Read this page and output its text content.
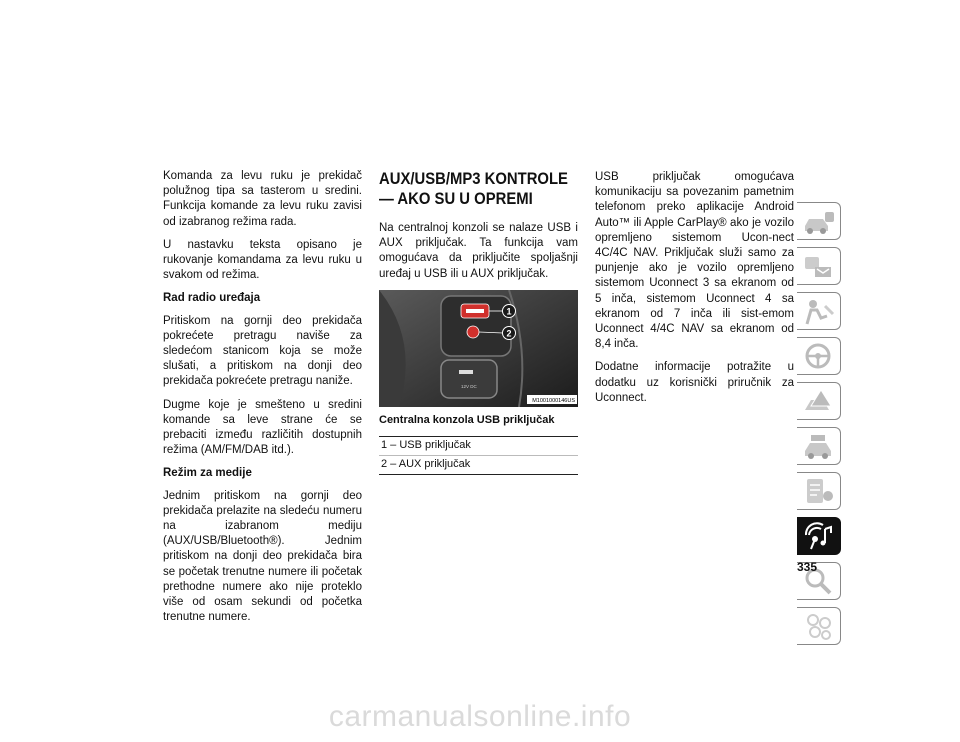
Komanda za levu ruku je prekidač polužnog tipa sa tasterom u sredini. Funkcija komande za levu ruku zavisi od izabranog režima rada.

U nastavku teksta opisano je rukovanje komandama za levu ruku u svakom od režima.

Rad radio uređaja

Pritiskom na gornji deo prekidača pokrećete pretragu naviše za sledećom stanicom koja se može slušati, a pritiskom na donji deo prekidača pokrećete pretragu naniže.

Dugme koje je smešteno u sredini komande sa leve strane će se prebaciti između različitih dostupnih režima (AM/FM/DAB itd.).

Režim za medije

Jednim pritiskom na gornji deo prekidača prelazite na sledeću numeru na izabranom mediju (AUX/USB/Bluetooth®). Jednim pritiskom na donji deo prekidača bira se početak trenutne numere ili početak prethodne numere ako nije proteklo više od osam sekundi od početka trenutne numere.

AUX/USB/MP3 KONTROLE — AKO SU U OPREMI

Na centralnoj konzoli se nalaze USB i AUX priključak. Ta funkcija vam omogućava da priključite spoljašnji uređaj u USB ili u AUX priključak.

12V DC
1
2
M1001000146US

Centralna konzola USB priključak

1 – USB priključak
2 – AUX priključak

USB priključak omogućava komunikaciju sa povezanim pametnim telefonom preko aplikacije Android Auto™ ili Apple CarPlay® ako je vozilo opremljeno sistemom Ucon-nect 4C/4C NAV. Priključak služi samo za punjenje ako je vozilo opremljeno sistemom Uconnect 3 sa ekranom od 5 inča, sistemom Uconnect 4 sa ekranom od 7 inča ili sist-emom Uconnect 4/4C NAV sa ekranom od 8,4 inča.

Dodatne informacije potražite u dodatku uz korisnički priručnik za Uconnect.

335
carmanualsonline.info
